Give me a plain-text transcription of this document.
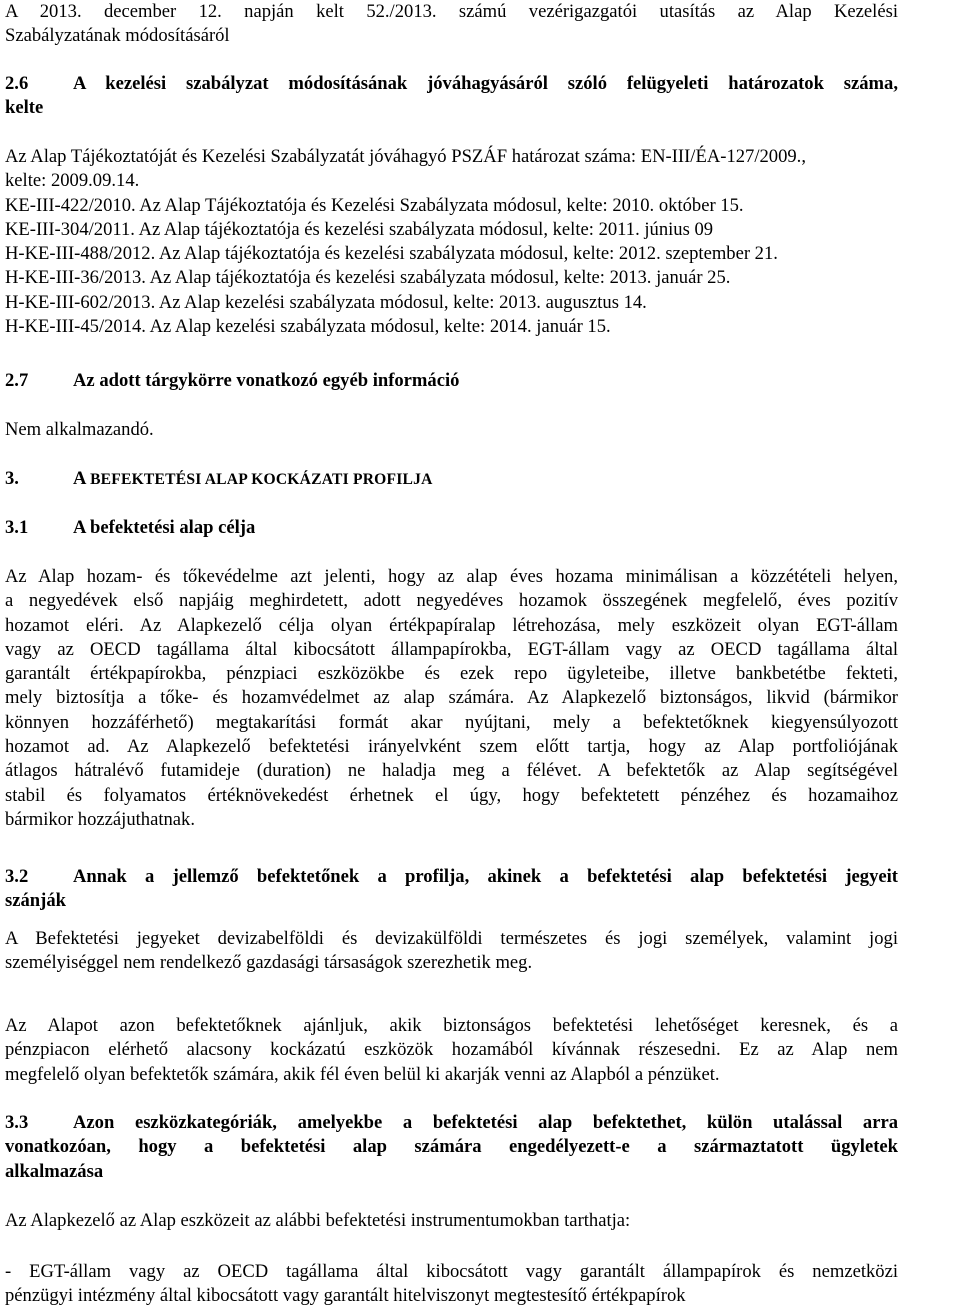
A 2013. december 12. napján kelt 52./2013. számú vezérigazgatói utasítás az Alap Kezelési
Szabályzatának módosításáról
2.6 A kezelési szabályzat módosításának jóváhagyásáról szóló felügyeleti határozatok száma,
kelte
Az Alap Tájékoztatóját és Kezelési Szabályzatát jóváhagyó PSZÁF határozat száma: EN-III/ÉA-127/2009.,
kelte: 2009.09.14.
KE-III-422/2010. Az Alap Tájékoztatója és Kezelési Szabályzata módosul, kelte: 2010. október 15.
KE-III-304/2011. Az Alap tájékoztatója és kezelési szabályzata módosul, kelte: 2011. június 09
H-KE-III-488/2012. Az Alap tájékoztatója és kezelési szabályzata módosul, kelte: 2012. szeptember 21.
H-KE-III-36/2013. Az Alap tájékoztatója és kezelési szabályzata módosul, kelte: 2013. január 25.
H-KE-III-602/2013. Az Alap kezelési szabályzata módosul, kelte: 2013. augusztus 14.
H-KE-III-45/2014. Az Alap kezelési szabályzata módosul, kelte: 2014. január 15.
2.7 Az adott tárgykörre vonatkozó egyéb információ
Nem alkalmazandó.
3.	A BEFEKTETÉSI ALAP KOCKÁZATI PROFILJA
3.1 A befektetési alap célja
Az Alap hozam- és tőkevédelme azt jelenti, hogy az alap éves hozama minimálisan a közzétételi helyen,
a negyedévek első napjáig meghirdetett, adott negyedéves hozamok összegének megfelelő, éves pozitív
hozamot eléri. Az Alapkezelő célja olyan értékpapíralap létrehozása, mely eszközeit olyan EGT-állam
vagy az OECD tagállama által kibocsátott állampapírokba, EGT-állam vagy az OECD tagállama által
garantált értékpapírokba, pénzpiaci eszközökbe és ezek repo ügyleteibe, illetve bankbetétbe fekteti,
mely biztosítja a tőke- és hozamvédelmet az alap számára. Az Alapkezelő biztonságos, likvid (bármikor
könnyen hozzáférhető) megtakarítási formát akar nyújtani, mely a befektetőknek kiegyensúlyozott
hozamot ad. Az Alapkezelő befektetési irányelvként szem előtt tartja, hogy az Alap portfoliójának
átlagos hátralévő futamideje (duration) ne haladja meg a félévet. A befektetők az Alap segítségével
stabil és folyamatos értéknövekedést érhetnek el úgy, hogy befektetett pénzéhez és hozamaihoz
bármikor hozzájuthatnak.
3.2 Annak a jellemző befektetőnek a profilja, akinek a befektetési alap befektetési jegyeit
szánják
A Befektetési jegyeket devizabelföldi és devizakülföldi természetes és jogi személyek, valamint jogi
személyiséggel nem rendelkező gazdasági társaságok szerezhetik meg.
Az Alapot azon befektetőknek ajánljuk, akik biztonságos befektetési lehetőséget keresnek, és a
pénzpiacon elérhető alacsony kockázatú eszközök hozamából kívánnak részesedni. Ez az Alap nem
megfelelő olyan befektetők számára, akik fél éven belül ki akarják venni az Alapból a pénzüket.
3.3 Azon eszközkategóriák, amelyekbe a befektetési alap befektethet, külön utalással arra
vonatkozóan, hogy a befektetési alap számára engedélyezett-e a származtatott ügyletek
alkalmazása
Az Alapkezelő az Alap eszközeit az alábbi befektetési instrumentumokban tarthatja:
- EGT-állam vagy az OECD tagállama által kibocsátott vagy garantált állampapírok és nemzetközi
pénzügyi intézmény által kibocsátott vagy garantált hitelviszonyt megtestesítő értékpapírok
